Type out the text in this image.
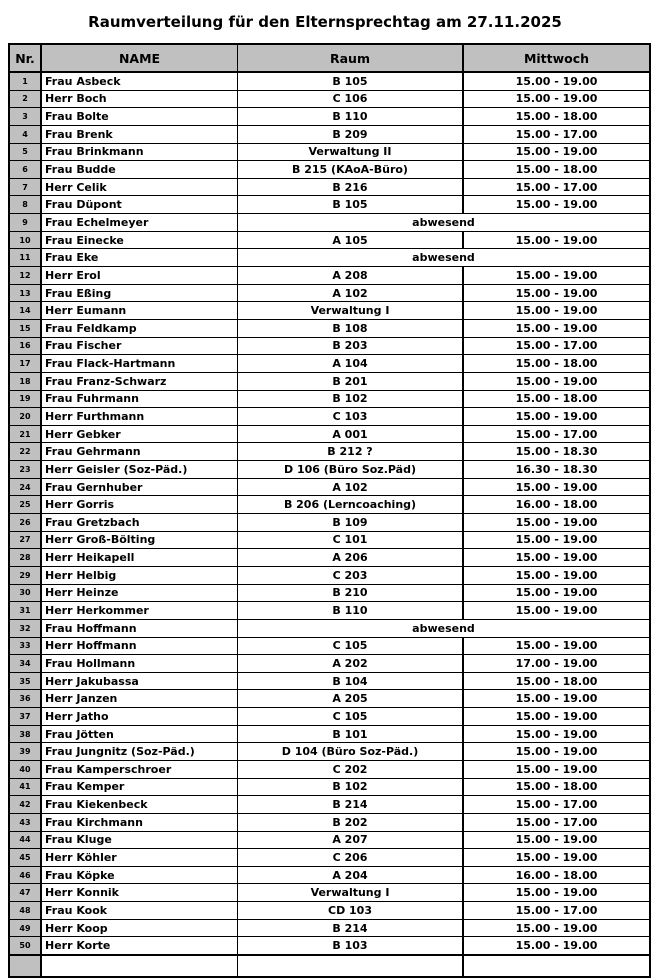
Raumverteilung für den Elternsprechtag am 27.11.2025
Nr.	NAME	Raum	Mittwoch
1	Frau Asbeck	B 105	15.00 - 19.00
2	Herr Boch	C 106	15.00 - 19.00
3	Frau Bolte	B 110	15.00 - 18.00
4	Frau Brenk	B 209	15.00 - 17.00
5	Frau Brinkmann	Verwaltung II	15.00 - 19.00
6	Frau Budde	B 215 (KAoA-Büro)	15.00 - 18.00
7	Herr Celik	B 216	15.00 - 17.00
8	Frau Düpont	B 105	15.00 - 19.00
9	Frau Echelmeyer	abwesend	
10	Frau Einecke	A 105	15.00 - 19.00
11	Frau Eke	abwesend	
12	Herr Erol	A 208	15.00 - 19.00
13	Frau Eßing	A 102	15.00 - 19.00
14	Herr Eumann	Verwaltung I	15.00 - 19.00
15	Frau Feldkamp	B 108	15.00 - 19.00
16	Frau Fischer	B 203	15.00 - 17.00
17	Frau Flack-Hartmann	A 104	15.00 - 18.00
18	Frau Franz-Schwarz	B 201	15.00 - 19.00
19	Frau Fuhrmann	B 102	15.00 - 18.00
20	Herr Furthmann	C 103	15.00 - 19.00
21	Herr Gebker	A 001	15.00 - 17.00
22	Frau Gehrmann	B 212 ?	15.00 - 18.30
23	Herr Geisler (Soz-Päd.)	D 106 (Büro Soz.Päd)	16.30 - 18.30
24	Frau Gernhuber	A 102	15.00 - 19.00
25	Herr Gorris	B 206 (Lerncoaching)	16.00 - 18.00
26	Frau Gretzbach	B 109	15.00 - 19.00
27	Herr Groß-Bölting	C 101	15.00 - 19.00
28	Herr Heikapell	A 206	15.00 - 19.00
29	Herr Helbig	C 203	15.00 - 19.00
30	Herr Heinze	B 210	15.00 - 19.00
31	Herr Herkommer	B 110	15.00 - 19.00
32	Frau Hoffmann	abwesend	
33	Herr Hoffmann	C 105	15.00 - 19.00
34	Frau Hollmann	A 202	17.00 - 19.00
35	Herr Jakubassa	B 104	15.00 - 18.00
36	Herr Janzen	A 205	15.00 - 19.00
37	Herr Jatho	C 105	15.00 - 19.00
38	Frau Jötten	B 101	15.00 - 19.00
39	Frau Jungnitz (Soz-Päd.)	D 104 (Büro Soz-Päd.)	15.00 - 19.00
40	Frau Kamperschroer	C 202	15.00 - 19.00
41	Frau Kemper	B 102	15.00 - 18.00
42	Frau Kiekenbeck	B 214	15.00 - 17.00
43	Frau Kirchmann	B 202	15.00 - 17.00
44	Frau Kluge	A 207	15.00 - 19.00
45	Herr Köhler	C 206	15.00 - 19.00
46	Frau Köpke	A 204	16.00 - 18.00
47	Herr Konnik	Verwaltung I	15.00 - 19.00
48	Frau Kook	CD 103	15.00 - 17.00
49	Herr Koop	B 214	15.00 - 19.00
50	Herr Korte	B 103	15.00 - 19.00
